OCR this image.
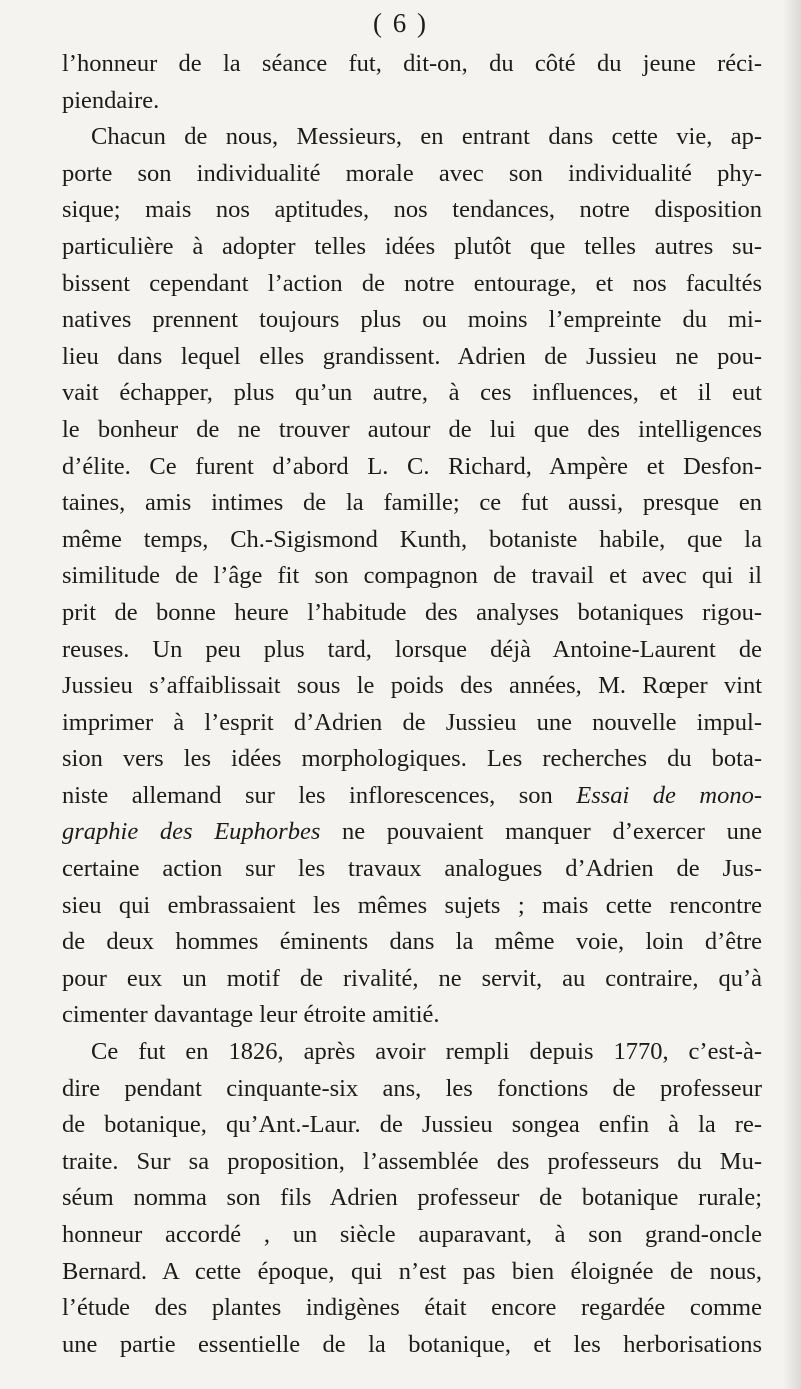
( 6 )
l’honneur de la séance fut, dit-on, du côté du jeune réci-
piendaire.
Chacun de nous, Messieurs, en entrant dans cette vie, ap-
porte son individualité morale avec son individualité phy-
sique; mais nos aptitudes, nos tendances, notre disposition
particulière à adopter telles idées plutôt que telles autres su-
bissent cependant l’action de notre entourage, et nos facultés
natives prennent toujours plus ou moins l’empreinte du mi-
lieu dans lequel elles grandissent. Adrien de Jussieu ne pou-
vait échapper, plus qu’un autre, à ces influences, et il eut
le bonheur de ne trouver autour de lui que des intelligences
d’élite. Ce furent d’abord L. C. Richard, Ampère et Desfon-
taines, amis intimes de la famille; ce fut aussi, presque en
même temps, Ch.-Sigismond Kunth, botaniste habile, que la
similitude de l’âge fit son compagnon de travail et avec qui il
prit de bonne heure l’habitude des analyses botaniques rigou-
reuses. Un peu plus tard, lorsque déjà Antoine-Laurent de
Jussieu s’affaiblissait sous le poids des années, M. Rœper vint
imprimer à l’esprit d’Adrien de Jussieu une nouvelle impul-
sion vers les idées morphologiques. Les recherches du bota-
niste allemand sur les inflorescences, son Essai de mono-
graphie des Euphorbes ne pouvaient manquer d’exercer une
certaine action sur les travaux analogues d’Adrien de Jus-
sieu qui embrassaient les mêmes sujets ; mais cette rencontre
de deux hommes éminents dans la même voie, loin d’être
pour eux un motif de rivalité, ne servit, au contraire, qu’à
cimenter davantage leur étroite amitié.
Ce fut en 1826, après avoir rempli depuis 1770, c’est-à-
dire pendant cinquante-six ans, les fonctions de professeur
de botanique, qu’Ant.-Laur. de Jussieu songea enfin à la re-
traite. Sur sa proposition, l’assemblée des professeurs du Mu-
séum nomma son fils Adrien professeur de botanique rurale;
honneur accordé , un siècle auparavant, à son grand-oncle
Bernard. A cette époque, qui n’est pas bien éloignée de nous,
l’étude des plantes indigènes était encore regardée comme
une partie essentielle de la botanique, et les herborisations
